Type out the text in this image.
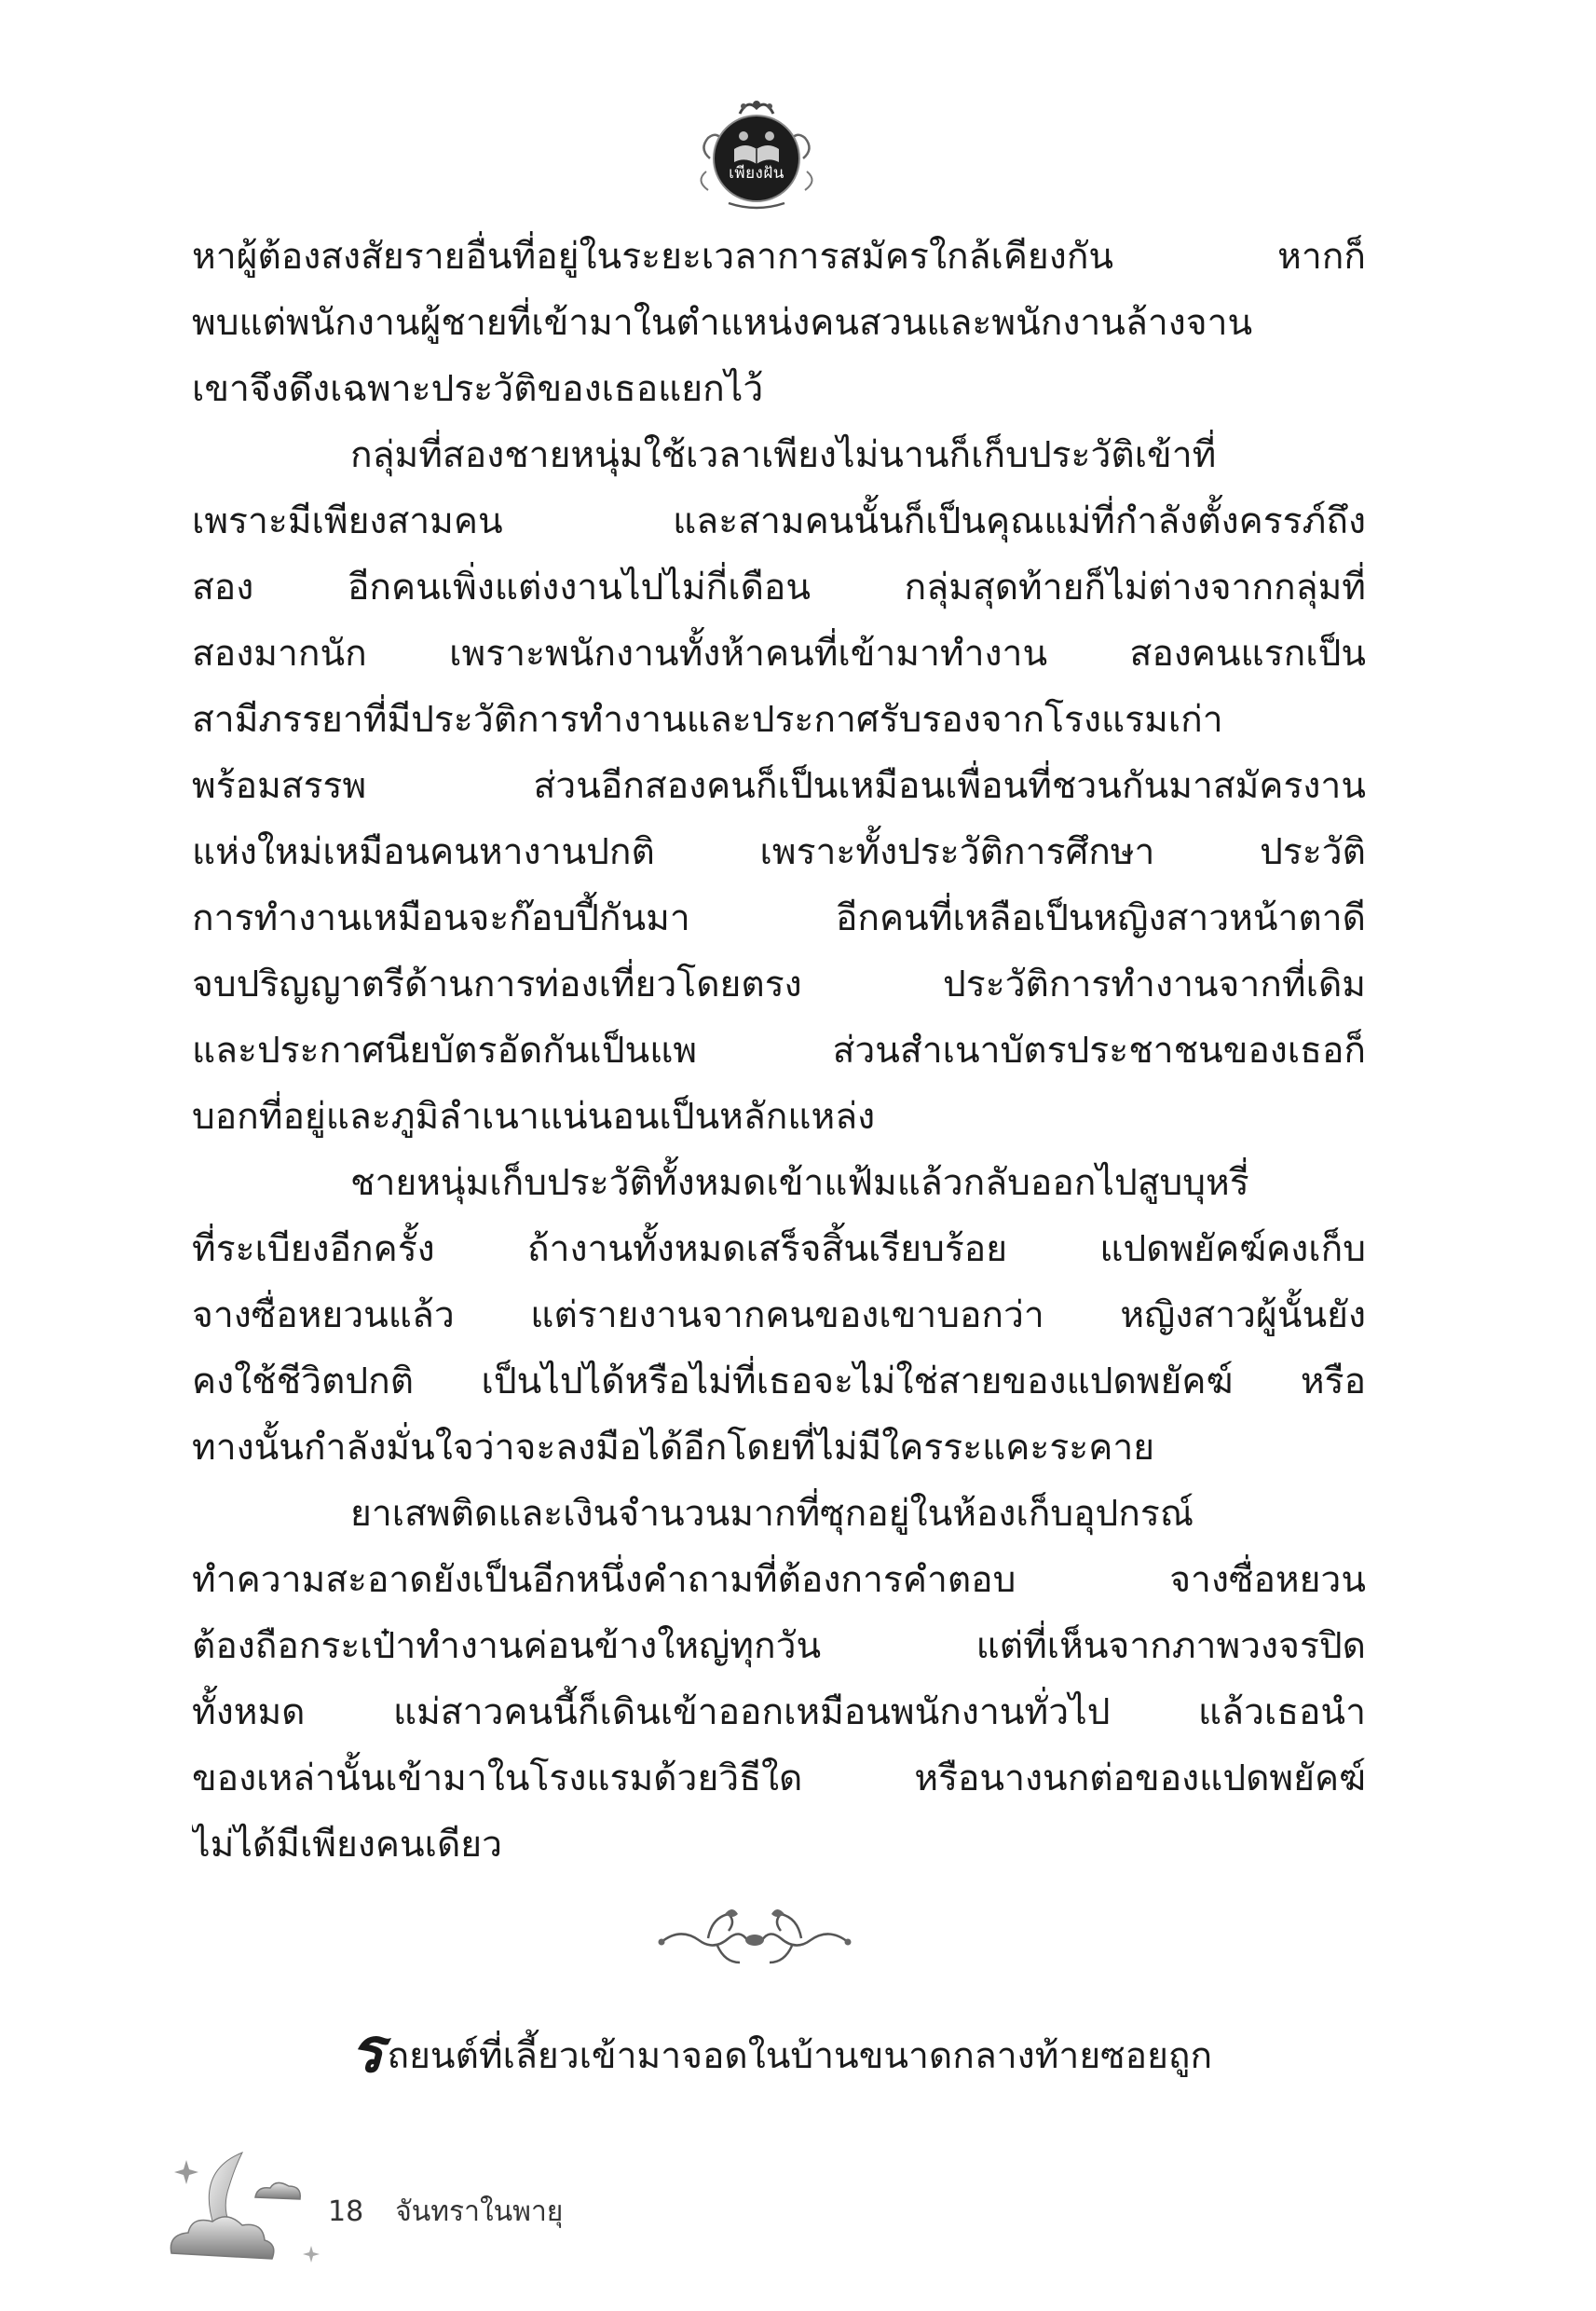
เพียงฝัน
หาผู้ต้องสงสัยรายอื่นที่อยู่ในระยะเวลาการสมัครใกล้เคียงกัน หากก็
พบแต่พนักงานผู้ชายที่เข้ามาในตำแหน่งคนสวนและพนักงานล้างจาน
เขาจึงดึงเฉพาะประวัติของเธอแยกไว้
กลุ่มที่สองชายหนุ่มใช้เวลาเพียงไม่นานก็เก็บประวัติเข้าที่
เพราะมีเพียงสามคน และสามคนนั้นก็เป็นคุณแม่ที่กำลังตั้งครรภ์ถึง
สอง อีกคนเพิ่งแต่งงานไปไม่กี่เดือน กลุ่มสุดท้ายก็ไม่ต่างจากกลุ่มที่
สองมากนัก เพราะพนักงานทั้งห้าคนที่เข้ามาทำงาน สองคนแรกเป็น
สามีภรรยาที่มีประวัติการทำงานและประกาศรับรองจากโรงแรมเก่า
พร้อมสรรพ ส่วนอีกสองคนก็เป็นเหมือนเพื่อนที่ชวนกันมาสมัครงาน
แห่งใหม่เหมือนคนหางานปกติ เพราะทั้งประวัติการศึกษา ประวัติ
การทำงานเหมือนจะก๊อบปี้กันมา อีกคนที่เหลือเป็นหญิงสาวหน้าตาดี
จบปริญญาตรีด้านการท่องเที่ยวโดยตรง ประวัติการทำงานจากที่เดิม
และประกาศนียบัตรอัดกันเป็นแพ ส่วนสำเนาบัตรประชาชนของเธอก็
บอกที่อยู่และภูมิลำเนาแน่นอนเป็นหลักแหล่ง
ชายหนุ่มเก็บประวัติทั้งหมดเข้าแฟ้มแล้วกลับออกไปสูบบุหรี่
ที่ระเบียงอีกครั้ง ถ้างานทั้งหมดเสร็จสิ้นเรียบร้อย แปดพยัคฆ์คงเก็บ
จางซื่อหยวนแล้ว แต่รายงานจากคนของเขาบอกว่า หญิงสาวผู้นั้นยัง
คงใช้ชีวิตปกติ เป็นไปได้หรือไม่ที่เธอจะไม่ใช่สายของแปดพยัคฆ์ หรือ
ทางนั้นกำลังมั่นใจว่าจะลงมือได้อีกโดยที่ไม่มีใครระแคะระคาย
ยาเสพติดและเงินจำนวนมากที่ซุกอยู่ในห้องเก็บอุปกรณ์
ทำความสะอาดยังเป็นอีกหนึ่งคำถามที่ต้องการคำตอบ จางซื่อหยวน
ต้องถือกระเป๋าทำงานค่อนข้างใหญ่ทุกวัน แต่ที่เห็นจากภาพวงจรปิด
ทั้งหมด แม่สาวคนนี้ก็เดินเข้าออกเหมือนพนักงานทั่วไป แล้วเธอนำ
ของเหล่านั้นเข้ามาในโรงแรมด้วยวิธีใด หรือนางนกต่อของแปดพยัคฆ์
ไม่ได้มีเพียงคนเดียว
รถยนต์ที่เลี้ยวเข้ามาจอดในบ้านขนาดกลางท้ายซอยถูก
18 จันทราในพายุ
